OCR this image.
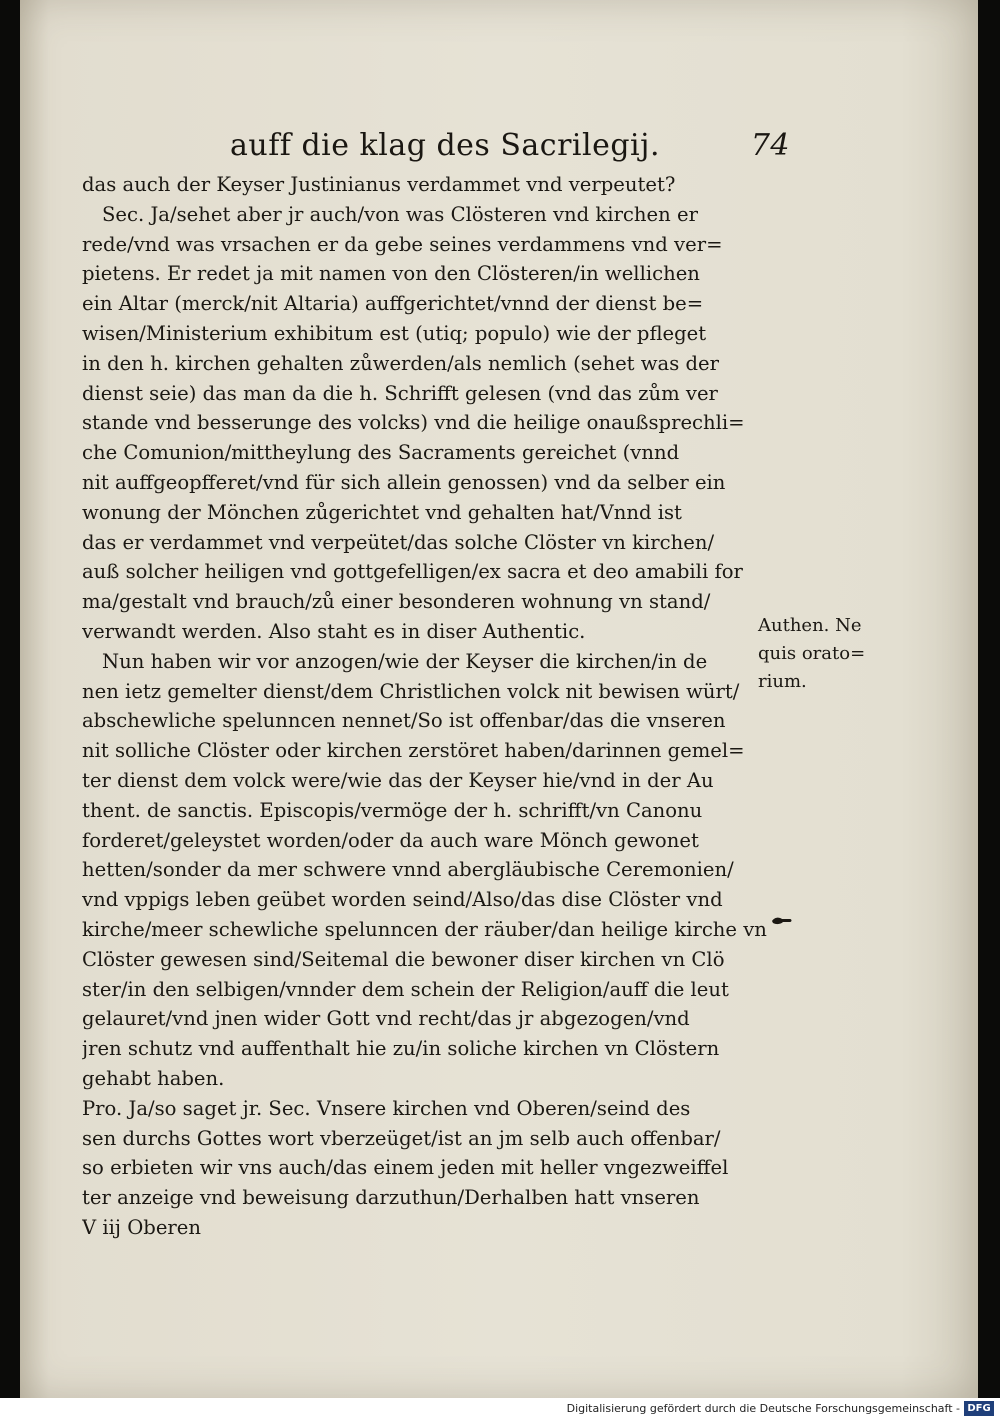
auff die klag des Sacrilegij.	74
das auch der Keyser Justinianus verdammet vnd verpeutet?
Sec. Ja/sehet aber jr auch/von was Clösteren vnd kirchen er
rede/vnd was vrsachen er da gebe seines verdammens vnd ver=
pietens. Er redet ja mit namen von den Clösteren/in wellichen
ein Altar (merck/nit Altaria) auffgerichtet/vnnd der dienst be=
wisen/Ministerium exhibitum est (utiq; populo) wie der pfleget
in den h. kirchen gehalten zůwerden/als nemlich (sehet was der
dienst seie) das man da die h. Schrifft gelesen (vnd das zům ver
stande vnd besserunge des volcks) vnd die heilige onaußsprechli=
che Comunion/mittheylung des Sacraments gereichet (vnnd
nit auffgeopfferet/vnd für sich allein genossen) vnd da selber ein
wonung der Mönchen zůgerichtet vnd gehalten hat/Vnnd ist
das er verdammet vnd verpeütet/das solche Clöster vn kirchen/
auß solcher heiligen vnd gottgefelligen/ex sacra et deo amabili for
ma/gestalt vnd brauch/zů einer besonderen wohnung vn stand/
verwandt werden. Also staht es in diser Authentic.
Nun haben wir vor anzogen/wie der Keyser die kirchen/in de
nen ietz gemelter dienst/dem Christlichen volck nit bewisen würt/
abschewliche spelunncen nennet/So ist offenbar/das die vnseren
nit solliche Clöster oder kirchen zerstöret haben/darinnen gemel=
ter dienst dem volck were/wie das der Keyser hie/vnd in der Au
thent. de sanctis. Episcopis/vermöge der h. schrifft/vn Canonu
forderet/geleystet worden/oder da auch ware Mönch gewonet
hetten/sonder da mer schwere vnnd abergläubische Ceremonien/
vnd vppigs leben geübet worden seind/Also/das dise Clöster vnd
kirche/meer schewliche spelunncen der räuber/dan heilige kirche vn
Clöster gewesen sind/Seitemal die bewoner diser kirchen vn Clö
ster/in den selbigen/vnnder dem schein der Religion/auff die leut
gelauret/vnd jnen wider Gott vnd recht/das jr abgezogen/vnd
jren schutz vnd auffenthalt hie zu/in soliche kirchen vn Clöstern
gehabt haben.
Pro. Ja/so saget jr. Sec. Vnsere kirchen vnd Oberen/seind des
sen durchs Gottes wort vberzeüget/ist an jm selb auch offenbar/
so erbieten wir vns auch/das einem jeden mit heller vngezweiffel
ter anzeige vnd beweisung darzuthun/Derhalben hatt vnseren
V iij Oberen
Authen. Ne
quis orato=
rium.
Digitalisierung gefördert durch die Deutsche Forschungsgemeinschaft - DFG
